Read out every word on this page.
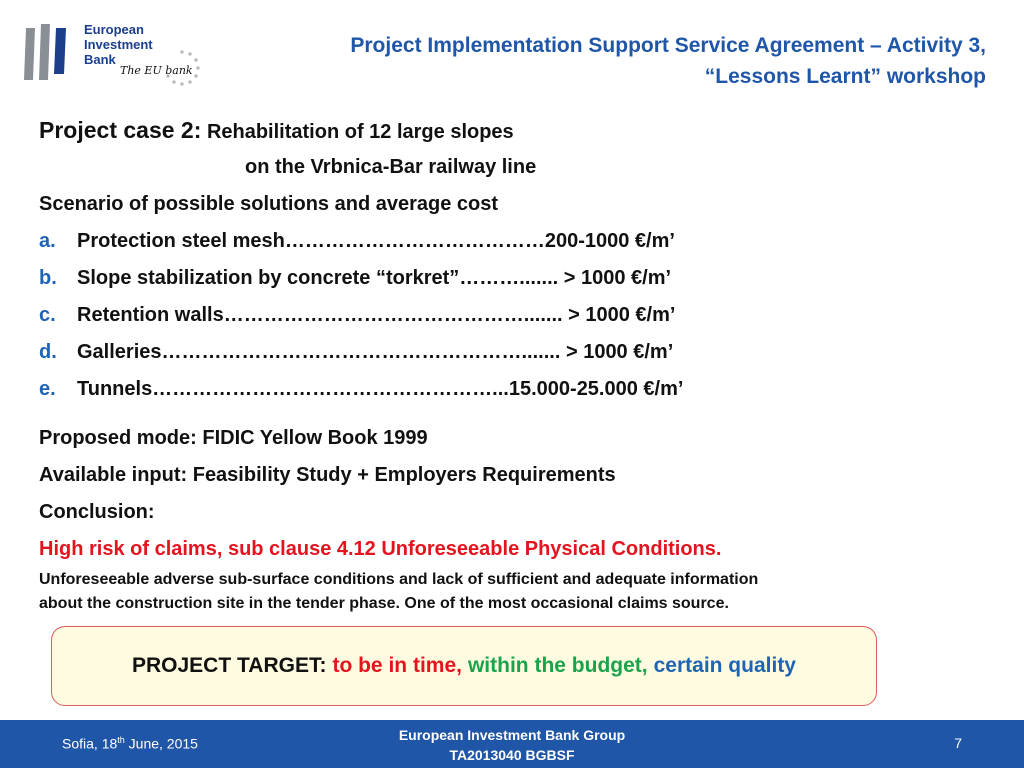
European
Investment
Bank
The EU bank
Project Implementation Support Service Agreement – Activity 3,
“Lessons Learnt” workshop
Project case 2: Rehabilitation of 12 large slopes
on the Vrbnica-Bar railway line
Scenario of possible solutions and average cost
a.	Protection steel mesh…………………………………200-1000 €/m’
b.	Slope stabilization by concrete “torkret”………....... > 1000 €/m’
c.	Retention walls………………………………………....... > 1000 €/m’
d.	Galleries………………………………………………....... > 1000 €/m’
e.	Tunnels……………………………………………...15.000-25.000 €/m’
Proposed mode: FIDIC Yellow Book 1999
Available input: Feasibility Study + Employers Requirements
Conclusion:
High risk of claims, sub clause 4.12 Unforeseeable Physical Conditions.
Unforeseeable adverse sub-surface conditions and lack of sufficient and adequate information
about the construction site in the tender phase. One of the most occasional claims source.
PROJECT TARGET: to be in time, within the budget, certain quality
Sofia, 18th June, 2015
European Investment Bank Group
TA2013040 BGBSF
7
